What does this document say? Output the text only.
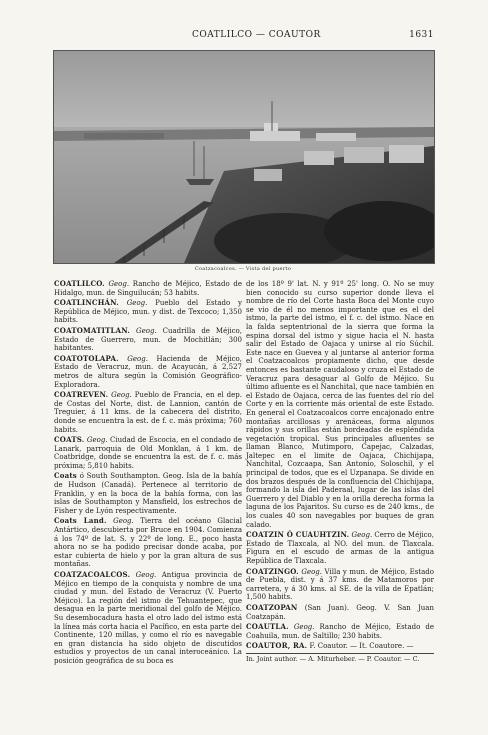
COATLILCO — COAUTOR	1631
Coatzacoalcos. — Vista del puerto

COATLILCO. Geog. Rancho de Méjico, Estado de Hidalgo, mun. de Singuilucán; 53 habits.

COATLINCHÁN. Geog. Pueblo del Estado y República de Méjico, mun. y dist. de Texcoco; 1,350 habits.

COATOMATITLAN. Geog. Cuadrilla de Méjico, Estado de Guerrero, mun. de Mochitlán; 300 habitantes.

COATOTOLAPA. Geog. Hacienda de Méjico, Estado de Veracruz, mun. de Acayucán, á 2,527 metros de altura según la Comisión Geográfico-Exploradora.

COATREVEN. Geog. Pueblo de Francia, en el dep. de Costas del Norte, dist. de Lannion, cantón de Treguier, á 11 kms. de la cabecera del distrito, donde se encuentra la est. de f. c. más próxima; 760 habits.

COATS. Geog. Ciudad de Escocia, en el condado de Lanark, parroquia de Old Monklan, á 1 km. de Coatbridge, donde se encuentra la est. de f. c. más próxima; 5,810 habits.

Coats ó South Southampton. Geog. Isla de la bahía de Hudson (Canadá). Pertenece al territorio de Franklin, y en la boca de la bahía forma, con las islas de Southampton y Mansfield, los estrechos de Fisher y de Lyón respectivamente.

Coats Land. Geog. Tierra del océano Glacial Antártico, descubierta por Bruce en 1904. Comienza á los 74º de lat. S. y 22º de long. E., poco hasta ahora no se ha podido precisar donde acaba, por estar cubierta de hielo y por la gran altura de sus montañas.

COATZACOALCOS. Geog. Antigua provincia de Méjico en tiempo de la conquista y nombre de una ciudad y mun. del Estado de Veracruz (V. Puerto Méjico). La región del istmo de Tehuantepec, que desagua en la parte meridional del golfo de Méjico. Su desembocadura hasta el otro lado del istmo está la línea más corta hacia el Pacífico, en esta parte del Continente, 120 millas, y como el río es navegable en gran distancia ha sido objeto de discutidos estudios y proyectos de un canal interoceánico. La posición geográfica de su boca es

de los 18º 9' lat. N. y 91º 25' long. O. No se muy bien conocido su curso superior donde lleva el nombre de río del Corte hasta Boca del Monte cuyo se vio de él no menos importante que es el del istmo, la parte del istmo, el f. c. del istmo. Nace en la falda septentrional de la sierra que forma la espina dorsal del istmo y sigue hacia el N. hasta salir del Estado de Oajaca y unirse al río Súchil. Este nace en Guevea y al juntarse al anterior forma el Coatzacoalcos propiamente dicho, que desde entonces es bastante caudaloso y cruza el Estado de Veracruz para desaguar al Golfo de Méjico. Su último afluente es el Nanchital, que nace también en el Estado de Oajaca, cerca de las fuentes del río del Corte y en la corriente más oriental de este Estado. En general el Coatzacoalcos corre encajonado entre montañas arcillosas y arenáceas, forma algunos rápidos y sus orillas están bordeadas de espléndida vegetación tropical. Sus principales afluentes se llaman Blanco, Mutimporo, Capejac, Calzadas, Jaltepec en el limite de Oajaca, Chichijapa, Nanchital, Cozcaapa, San Antonio, Soloschil, y el principal de todos, que es el Uzpanapa. Se divide en dos brazos después de la confluencia del Chichijapa, formando la isla del Paderaal, lugar de las islas del Guerrero y del Diablo y en la orilla derecha forma la laguna de los Pajaritos. Su curso es de 240 kms., de los cuales 40 son navegables por buques de gran calado.

COATZIN Ó CUAUHTZIN. Geog. Cerro de Méjico, Estado de Tlaxcala, al NO. del mun. de Tlaxcala. Figura en el escudo de armas de la antigua República de Tlaxcala.

COATZINGO. Geog. Villa y mun. de Méjico, Estado de Puebla, dist. y á 37 kms. de Matamoros por carretera, y á 30 kms. al SE. de la villa de Epatlán; 1,500 habits.

COATZOPAN (San Juan). Geog. V. San Juan Coatzapán.

COAUTLA. Geog. Rancho de Méjico, Estado de Coahuila, mun. de Saltillo; 230 habits.

COAUTOR, RA. F. Coautor. — It. Coautore. —

In. Joint author. — A. Miturheber. — P. Coautor. — C.
